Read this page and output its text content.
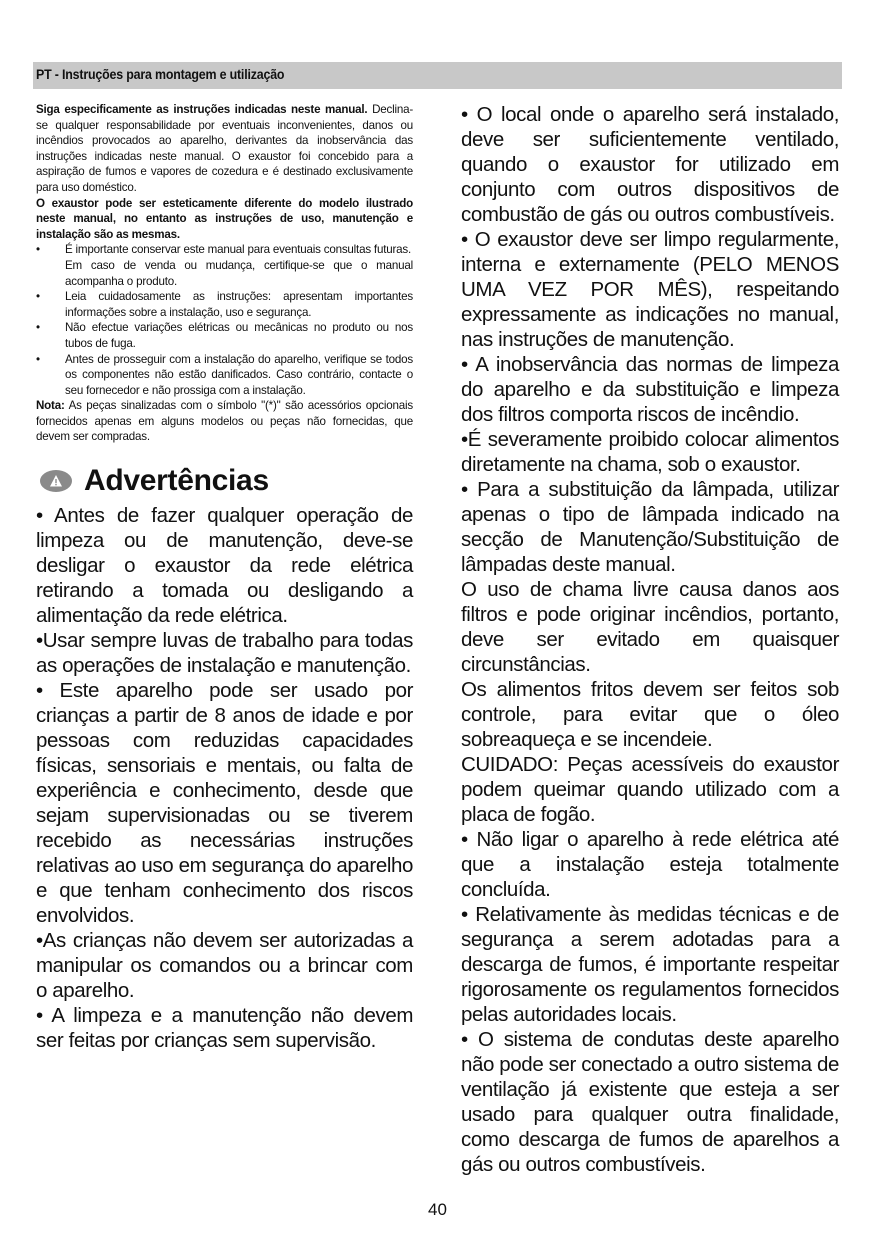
PT - Instruções para montagem e utilização

Siga especificamente as instruções indicadas neste manual. Declina-se qualquer responsabilidade por eventuais inconvenientes, danos ou incêndios provocados ao aparelho, derivantes da inobservância das instruções indicadas neste manual. O exaustor foi concebido para a aspiração de fumos e vapores de cozedura e é destinado exclusivamente para uso doméstico.

O exaustor pode ser esteticamente diferente do modelo ilustrado neste manual, no entanto as instruções de uso, manutenção e instalação são as mesmas.

• É importante conservar este manual para eventuais consultas futuras.
Em caso de venda ou mudança, certifique-se que o manual acompanha o produto.
• Leia cuidadosamente as instruções: apresentam importantes informações sobre a instalação, uso e segurança.
• Não efectue variações elétricas ou mecânicas no produto ou nos tubos de fuga.
• Antes de prosseguir com a instalação do aparelho, verifique se todos os componentes não estão danificados. Caso contrário, contacte o seu fornecedor e não prossiga com a instalação.

Nota: As peças sinalizadas com o símbolo "(*)" são acessórios opcionais fornecidos apenas em alguns modelos ou peças não fornecidas, que devem ser compradas.

Advertências

• Antes de fazer qualquer operação de limpeza ou de manutenção, deve-se desligar o exaustor da rede elétrica retirando a tomada ou desligando a alimentação da rede elétrica.

•Usar sempre luvas de trabalho para todas as operações de instalação e manutenção.

• Este aparelho pode ser usado por crianças a partir de 8 anos de idade e por pessoas com reduzidas capacidades físicas, sensoriais e mentais, ou falta de experiência e conhecimento, desde que sejam supervisionadas ou se tiverem recebido as necessárias instruções relativas ao uso em segurança do aparelho e que tenham conhecimento dos riscos envolvidos.

•As crianças não devem ser autorizadas a manipular os comandos ou a brincar com o aparelho.

• A limpeza e a manutenção não devem ser feitas por crianças sem supervisão.

• O local onde o aparelho será instalado, deve ser suficientemente ventilado, quando o exaustor for utilizado em conjunto com outros dispositivos de combustão de gás ou outros combustíveis.

• O exaustor deve ser limpo regularmente, interna e externamente (PELO MENOS UMA VEZ POR MÊS), respeitando expressamente as indicações no manual, nas instruções de manutenção.

• A inobservância das normas de limpeza do aparelho e da substituição e limpeza dos filtros comporta riscos de incêndio.

•É severamente proibido colocar alimentos diretamente na chama, sob o exaustor.

• Para a substituição da lâmpada, utilizar apenas o tipo de lâmpada indicado na secção de Manutenção/Substituição de lâmpadas deste manual.

O uso de chama livre causa danos aos filtros e pode originar incêndios, portanto, deve ser evitado em quaisquer circunstâncias.

Os alimentos fritos devem ser feitos sob controle, para evitar que o óleo sobreaqueça e se incendeie.

CUIDADO: Peças acessíveis do exaustor podem queimar quando utilizado com a placa de fogão.

• Não ligar o aparelho à rede elétrica até que a instalação esteja totalmente concluída.

• Relativamente às medidas técnicas e de segurança a serem adotadas para a descarga de fumos, é importante respeitar rigorosamente os regulamentos fornecidos pelas autoridades locais.

• O sistema de condutas deste aparelho não pode ser conectado a outro sistema de ventilação já existente que esteja a ser usado para qualquer outra finalidade, como descarga de fumos de aparelhos a gás ou outros combustíveis.

40
